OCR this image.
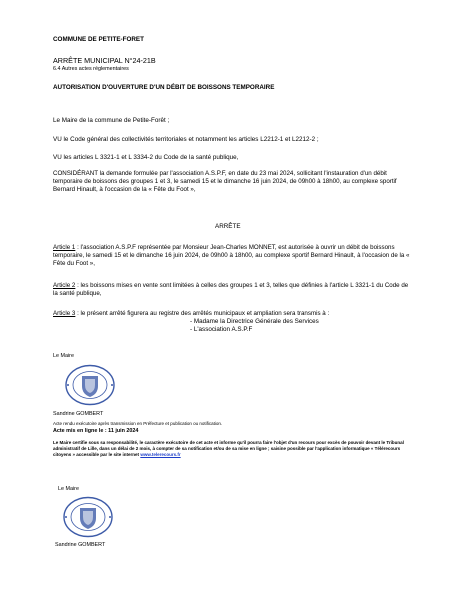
COMMUNE DE PETITE-FORET
ARRÊTE MUNICIPAL N°24-21B
6.4 Autres actes réglementaires
AUTORISATION D'OUVERTURE D'UN DÉBIT DE BOISSONS TEMPORAIRE
Le Maire de la commune de Petite-Forêt ;
VU le Code général des collectivités territoriales et notamment les articles L2212-1 et L2212-2 ;
VU les articles L 3321-1 et L 3334-2 du Code de la santé publique,
CONSIDÉRANT la demande formulée par l'association A.S.P.F, en date du 23 mai 2024, sollicitant l'instauration d'un débit temporaire de boissons des groupes 1 et 3, le samedi 15 et le dimanche 16 juin 2024, de 09h00 à 18h00, au complexe sportif Bernard Hinault, à l'occasion de la « Fête du Foot »,
ARRÊTE
Article 1 : l'association A.S.P.F représentée par Monsieur Jean-Charles MONNET, est autorisée à ouvrir un débit de boissons temporaire, le samedi 15 et le dimanche 16 juin 2024, de 09h00 à 18h00, au complexe sportif Bernard Hinault, à l'occasion de la « Fête du Foot »,
Article 2 : les boissons mises en vente sont limitées à celles des groupes 1 et 3, telles que définies à l'article L 3321-1 du Code de la santé publique,
Article 3 : le présent arrêté figurera au registre des arrêtés municipaux et ampliation sera transmis à :
- Madame la Directrice Générale des Services
- L'association A.S.P.F
Le Maire
Sandrine GOMBERT
Acte rendu exécutoire après transmission en Préfecture et publication ou notification.
Acte mis en ligne le : 11 juin 2024
Le Maire certifie sous sa responsabilité, le caractère exécutoire de cet acte et informe qu'il pourra faire l'objet d'un recours pour excès de pouvoir devant le Tribunal administratif de Lille, dans un délai de 2 mois, à compter de sa notification et/ou de sa mise en ligne ; saisine possible par l'application informatique « Télérecours citoyens » accessible par le site internet www.telerecours.fr
Le Maire
Sandrine GOMBERT
